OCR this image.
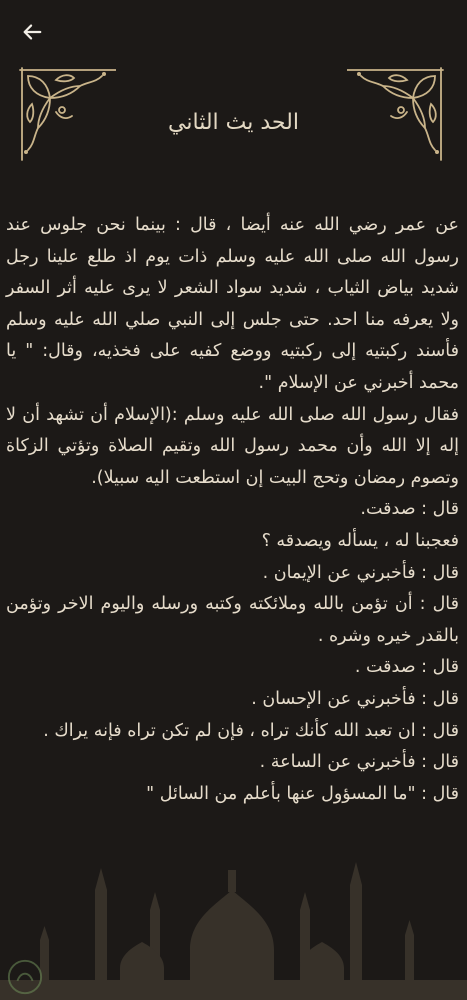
الحد يث الثاني

عن عمر رضي الله عنه أيضا ، قال : بينما نحن جلوس عند رسول الله صلى الله عليه وسلم ذات يوم اذ طلع علينا رجل شديد بياض الثياب ، شديد سواد الشعر لا يرى عليه أثر السفر ولا يعرفه منا احد. حتى جلس إلى النبي صلي الله عليه وسلم فأسند ركبتيه إلى ركبتيه ووضع كفيه على فخذيه، وقال: " يا محمد أخبرني عن الإسلام ".

فقال رسول الله صلى الله عليه وسلم :(الإسلام أن تشهد أن لا إله إلا الله وأن محمد رسول الله وتقيم الصلاة وتؤتي الزكاة وتصوم رمضان وتحج البيت إن استطعت اليه سبيلا).

قال : صدقت.

فعجبنا له ، يسأله ويصدقه ؟

قال : فأخبرني عن الإيمان .

قال : أن تؤمن بالله وملائكته وكتبه ورسله واليوم الاخر وتؤمن بالقدر خيره وشره .

قال : صدقت .

قال : فأخبرني عن الإحسان .

قال : ان تعبد الله كأنك تراه ، فإن لم تكن تراه فإنه يراك .

قال : فأخبرني عن الساعة .

قال : "ما المسؤول عنها بأعلم من السائل "
